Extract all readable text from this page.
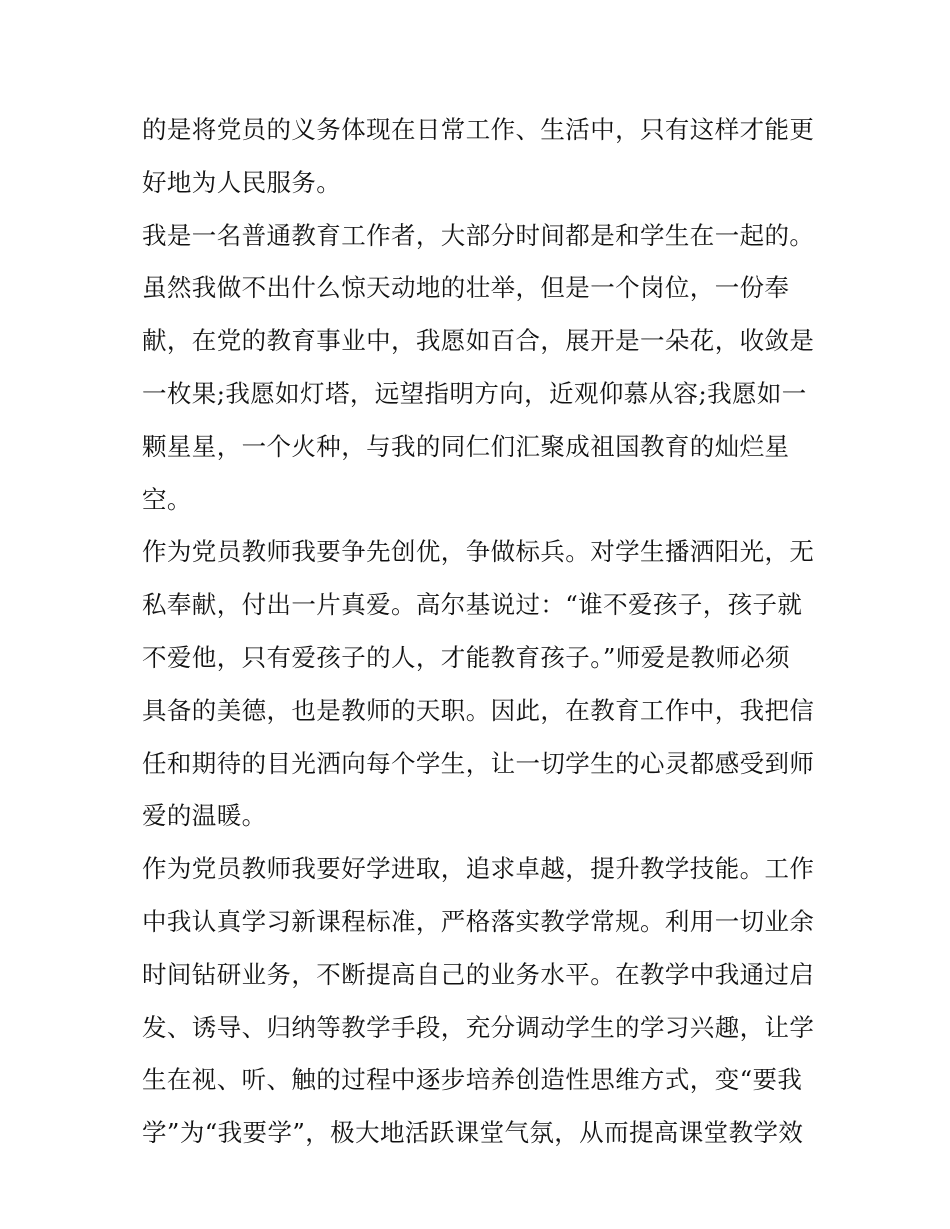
的是将党员的义务体现在日常工作、生活中，只有这样才能更
好地为人民服务。
我是一名普通教育工作者，大部分时间都是和学生在一起的。
虽然我做不出什么惊天动地的壮举，但是一个岗位，一份奉
献，在党的教育事业中，我愿如百合，展开是一朵花，收敛是
一枚果;我愿如灯塔，远望指明方向，近观仰慕从容;我愿如一
颗星星，一个火种，与我的同仁们汇聚成祖国教育的灿烂星
空。
作为党员教师我要争先创优，争做标兵。对学生播洒阳光，无
私奉献，付出一片真爱。高尔基说过：“谁不爱孩子，孩子就
不爱他，只有爱孩子的人，才能教育孩子。”师爱是教师必须
具备的美德，也是教师的天职。因此，在教育工作中，我把信
任和期待的目光洒向每个学生，让一切学生的心灵都感受到师
爱的温暖。
作为党员教师我要好学进取，追求卓越，提升教学技能。工作
中我认真学习新课程标准，严格落实教学常规。利用一切业余
时间钻研业务，不断提高自己的业务水平。在教学中我通过启
发、诱导、归纳等教学手段，充分调动学生的学习兴趣，让学
生在视、听、触的过程中逐步培养创造性思维方式，变“要我
学”为“我要学”，极大地活跃课堂气氛，从而提高课堂教学效
